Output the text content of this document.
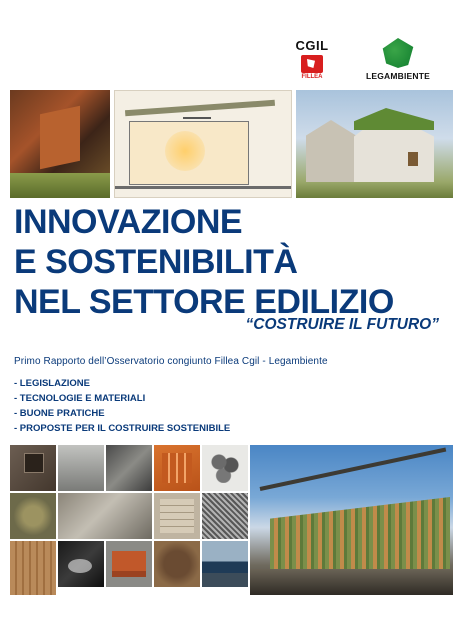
CGIL
FILLEA	LEGAMBIENTE
INNOVAZIONE
E SOSTENIBILITÀ
NEL SETTORE EDILIZIO
“COSTRUIRE IL FUTURO”
Primo Rapporto dell’Osservatorio congiunto Fillea Cgil - Legambiente
- LEGISLAZIONE
- TECNOLOGIE E MATERIALI
- BUONE PRATICHE
- PROPOSTE PER IL COSTRUIRE SOSTENIBILE
